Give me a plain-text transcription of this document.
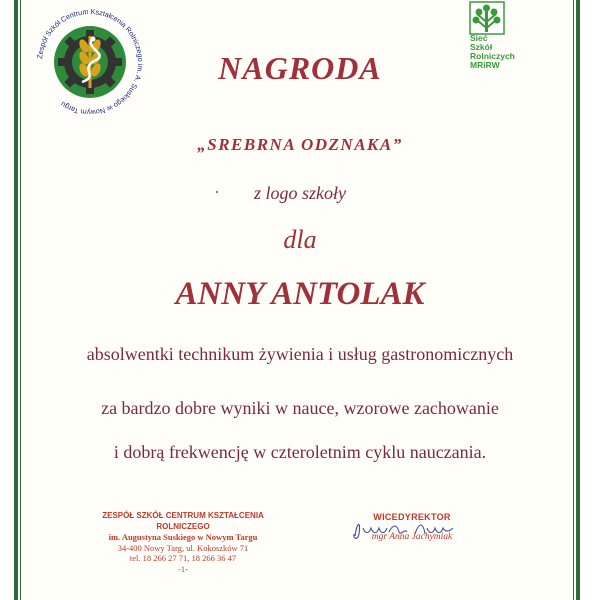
Zespół Szkół Centrum Kształcenia Rolniczego im. A. Suskiego w Nowym Targu
Sieć
Szkół
Rolniczych
MRiRW
NAGRODA
„SREBRNA ODZNAKA”
z logo szkoły
dla
ANNY ANTOLAK
absolwentki technikum żywienia i usług gastronomicznych
za bardzo dobre wyniki w nauce, wzorowe zachowanie
i dobrą frekwencję w czteroletnim cyklu nauczania.
ZESPÓŁ SZKÓŁ CENTRUM KSZTAŁCENIA ROLNICZEGO
im. Augustyna Suskiego w Nowym Targu
34-400 Nowy Targ, ul. Kokoszków 71
tel. 18 266 27 71, 18 266 36 47
-1-
WICEDYREKTOR
mgr Anna Jachymiak
